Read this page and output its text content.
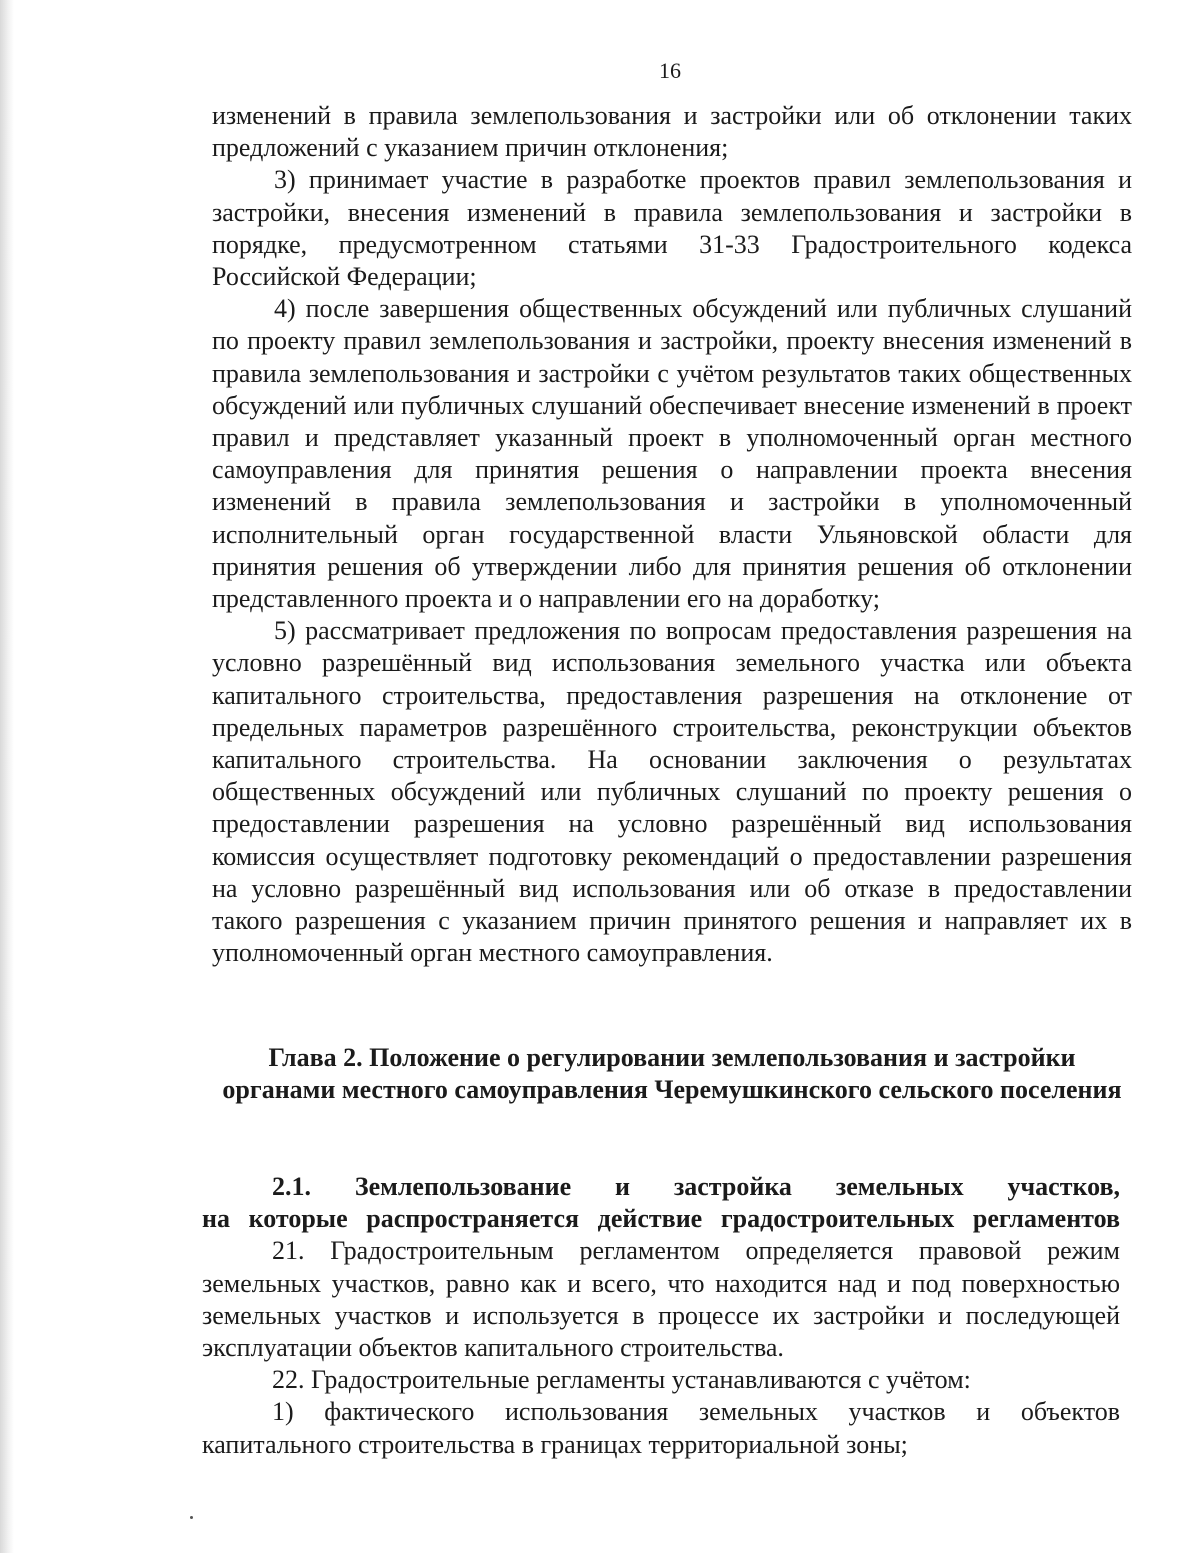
16

изменений в правила землепользования и застройки или об отклонении таких предложений с указанием причин отклонения;

3) принимает участие в разработке проектов правил землепользования и застройки, внесения изменений в правила землепользования и застройки в порядке, предусмотренном статьями 31-33 Градостроительного кодекса Российской Федерации;

4) после завершения общественных обсуждений или публичных слушаний по проекту правил землепользования и застройки, проекту внесения изменений в правила землепользования и застройки с учётом результатов таких общественных обсуждений или публичных слушаний обеспечивает внесение изменений в проект правил и представляет указанный проект в уполномоченный орган местного самоуправления для принятия решения о направлении проекта внесения изменений в правила землепользования и застройки в уполномоченный исполнительный орган государственной власти Ульяновской области для принятия решения об утверждении либо для принятия решения об отклонении представленного проекта и о направлении его на доработку;

5) рассматривает предложения по вопросам предоставления разрешения на условно разрешённый вид использования земельного участка или объекта капитального строительства, предоставления разрешения на отклонение от предельных параметров разрешённого строительства, реконструкции объектов капитального строительства. На основании заключения о результатах общественных обсуждений или публичных слушаний по проекту решения о предоставлении разрешения на условно разрешённый вид использования комиссия осуществляет подготовку рекомендаций о предоставлении разрешения на условно разрешённый вид использования или об отказе в предоставлении такого разрешения с указанием причин принятого решения и направляет их в уполномоченный орган местного самоуправления.

Глава 2. Положение о регулировании землепользования и застройки органами местного самоуправления Черемушкинского сельского поселения

2.1. Землепользование и застройка земельных участков,
на которые распространяется действие градостроительных регламентов

21. Градостроительным регламентом определяется правовой режим земельных участков, равно как и всего, что находится над и под поверхностью земельных участков и используется в процессе их застройки и последующей эксплуатации объектов капитального строительства.

22. Градостроительные регламенты устанавливаются с учётом:

1) фактического использования земельных участков и объектов капитального строительства в границах территориальной зоны;
